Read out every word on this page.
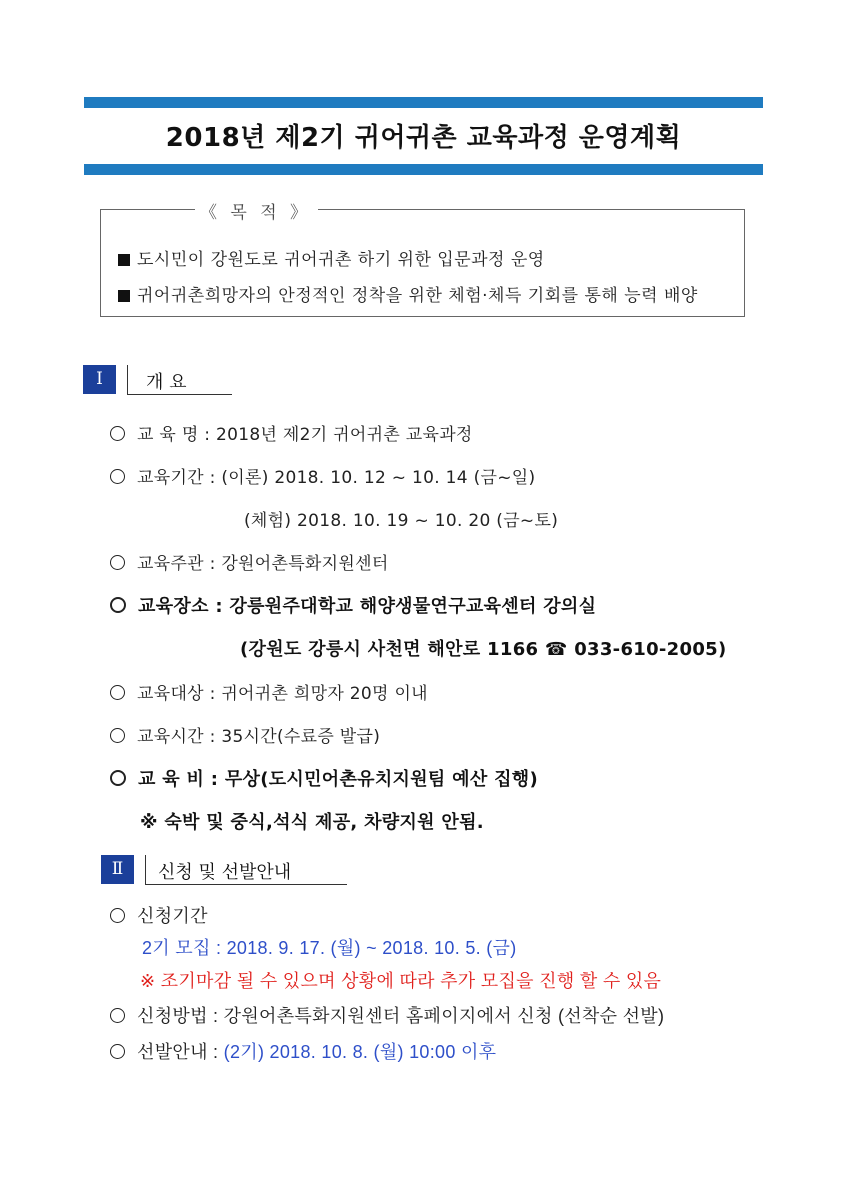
2018년 제2기 귀어귀촌 교육과정 운영계획
《 목 적 》
도시민이 강원도로 귀어귀촌 하기 위한 입문과정 운영
귀어귀촌희망자의 안정적인 정착을 위한 체험·체득 기회를 통해 능력 배양
Ⅰ	개 요
교 육 명 : 2018년 제2기 귀어귀촌 교육과정
교육기간 : (이론) 2018. 10. 12 ~ 10. 14 (금~일)
(체험) 2018. 10. 19 ~ 10. 20 (금~토)
교육주관 : 강원어촌특화지원센터
교육장소 : 강릉원주대학교 해양생물연구교육센터 강의실
(강원도 강릉시 사천면 해안로 1166 ☎ 033-610-2005)
교육대상 : 귀어귀촌 희망자 20명 이내
교육시간 : 35시간(수료증 발급)
교 육 비 : 무상(도시민어촌유치지원팀 예산 집행)
※ 숙박 및 중식,석식 제공, 차량지원 안됨.
Ⅱ	신청 및 선발안내
신청기간
2기 모집 : 2018. 9. 17. (월) ~ 2018. 10. 5. (금)
※ 조기마감 될 수 있으며 상황에 따라 추가 모집을 진행 할 수 있음
신청방법 : 강원어촌특화지원센터 홈페이지에서 신청 (선착순 선발)
선발안내 : (2기) 2018. 10. 8. (월) 10:00 이후
